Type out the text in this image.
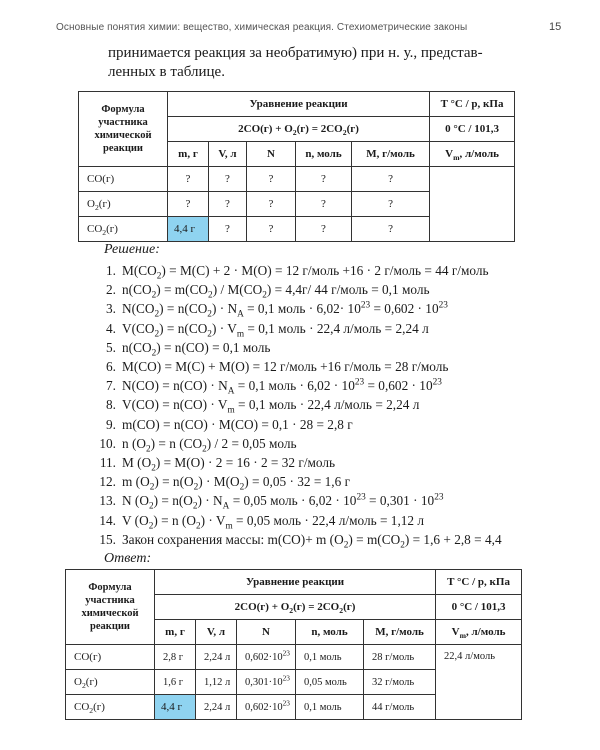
Основные понятия химии: вещество, химическая реакция. Стехиометрические законы	15

принимается реакция за необратимую) при н. у., представ-

ленных в таблице.

Формула
участника
химической
реакции	Уравнение реакции					T °C / p, кПа
	$2CO(г) + O_2(г) = 2CO_2(г)$					0 °C / 101,3
	m, г	V, л	N	n, моль	M, г/моль	$V_m$, л/моль
CO(г)	?	?	?	?	?	
$O_2(г)$	?	?	?	?	?	
$CO_2(г)$	4,4 г	?	?	?	?	

Решение:

1. $M(CO_2) = M(C) + 2 \cdot M(O) = 12$ г/моль +16 · 2 г/моль = 44 г/моль
2. $n(CO_2) = m(CO_2) / M(CO_2) = 4,4г/$ 44 г/моль = 0,1 моль
3. $N(CO_2) = n(CO_2) \cdot N_A = 0,1$ моль · $6,02\cdot 10^{23} = 0,602 \cdot 10^{23}$
4. $V(CO_2) = n(CO_2) \cdot V_m = 0,1$ моль · 22,4 л/моль = 2,24 л
5. $n(CO_2) = n(CO) = 0,1$ моль
6. M(CO) = M(C) + M(O) = 12 г/моль +16 г/моль = 28 г/моль
7. $N(CO) = n(CO) \cdot N_A = 0,1$ моль · $6,02 \cdot 10^{23} = 0,602 \cdot 10^{23}$
8. $V(CO) = n(CO) \cdot V_m = 0,1$ моль · 22,4 л/моль = 2,24 л
9. m(CO) = n(CO) · M(CO) = 0,1 · 28 = 2,8 г
10. n $(O_2) = n$ $(CO_2) / 2 = 0,05$ моль
11. M $(O_2) = M(O) \cdot 2 = 16 \cdot 2 = 32$ г/моль
12. m $(O_2) = n(O_2) \cdot M(O_2) = 0,05 \cdot 32 = 1,6$ г
13. N $(O_2) = n(O_2) \cdot N_A = 0,05$ моль · $6,02 \cdot 10^{23} = 0,301 \cdot 10^{23}$
14. V $(O_2) = n$ $(O_2) \cdot V_m = 0,05$ моль · 22,4 л/моль = 1,12 л
15. Закон сохранения массы: m(CO)+ m $(O_2) = m(CO_2) = 1,6 + 2,8 = 4,4$

Ответ:

Формула
участника
химической
реакции	Уравнение реакции					T °C / p, кПа
	$2CO(г) + O_2(г) = 2CO_2(г)$					0 °C / 101,3
	m, г	V, л	N	n, моль	M, г/моль	$V_m$, л/моль
CO(г)	2,8 г	2,24 л	$0,602\cdot 10^{23}$	0,1 моль	28 г/моль	22,4 л/моль
$O_2(г)$	1,6 г	1,12 л	$0,301\cdot 10^{23}$	0,05 моль	32 г/моль	
$CO_2(г)$	4,4 г	2,24 л	$0,602\cdot 10^{23}$	0,1 моль	44 г/моль	
